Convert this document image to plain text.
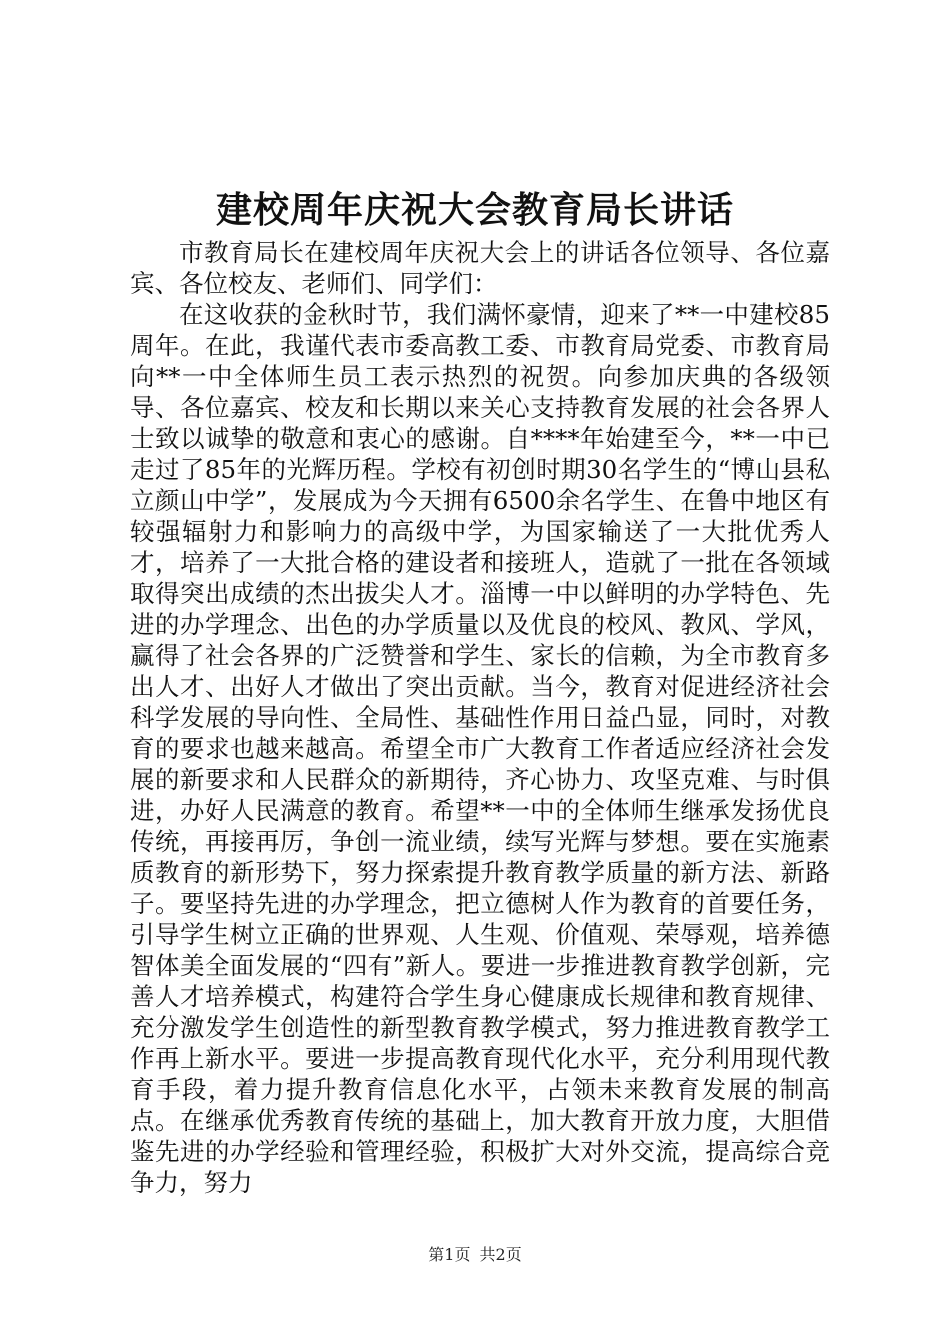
建校周年庆祝大会教育局长讲话

市教育局长在建校周年庆祝大会上的讲话各位领导、各位嘉宾、各位校友、老师们、同学们：

在这收获的金秋时节，我们满怀豪情，迎来了**一中建校85周年。在此，我谨代表市委高教工委、市教育局党委、市教育局向**一中全体师生员工表示热烈的祝贺。向参加庆典的各级领导、各位嘉宾、校友和长期以来关心支持教育发展的社会各界人士致以诚挚的敬意和衷心的感谢。自****年始建至今，**一中已走过了85年的光辉历程。学校有初创时期30名学生的“博山县私立颜山中学”，发展成为今天拥有6500余名学生、在鲁中地区有较强辐射力和影响力的高级中学，为国家输送了一大批优秀人才，培养了一大批合格的建设者和接班人，造就了一批在各领域取得突出成绩的杰出拔尖人才。淄博一中以鲜明的办学特色、先进的办学理念、出色的办学质量以及优良的校风、教风、学风，赢得了社会各界的广泛赞誉和学生、家长的信赖，为全市教育多出人才、出好人才做出了突出贡献。当今，教育对促进经济社会科学发展的导向性、全局性、基础性作用日益凸显，同时，对教育的要求也越来越高。希望全市广大教育工作者适应经济社会发展的新要求和人民群众的新期待，齐心协力、攻坚克难、与时俱进，办好人民满意的教育。希望**一中的全体师生继承发扬优良传统，再接再厉，争创一流业绩，续写光辉与梦想。要在实施素质教育的新形势下，努力探索提升教育教学质量的新方法、新路子。要坚持先进的办学理念，把立德树人作为教育的首要任务，引导学生树立正确的世界观、人生观、价值观、荣辱观，培养德智体美全面发展的“四有”新人。要进一步推进教育教学创新，完善人才培养模式，构建符合学生身心健康成长规律和教育规律、充分激发学生创造性的新型教育教学模式，努力推进教育教学工作再上新水平。要进一步提高教育现代化水平，充分利用现代教育手段，着力提升教育信息化水平，占领未来教育发展的制高点。在继承优秀教育传统的基础上，加大教育开放力度，大胆借鉴先进的办学经验和管理经验，积极扩大对外交流，提高综合竞争力，努力

第1页 共2页
